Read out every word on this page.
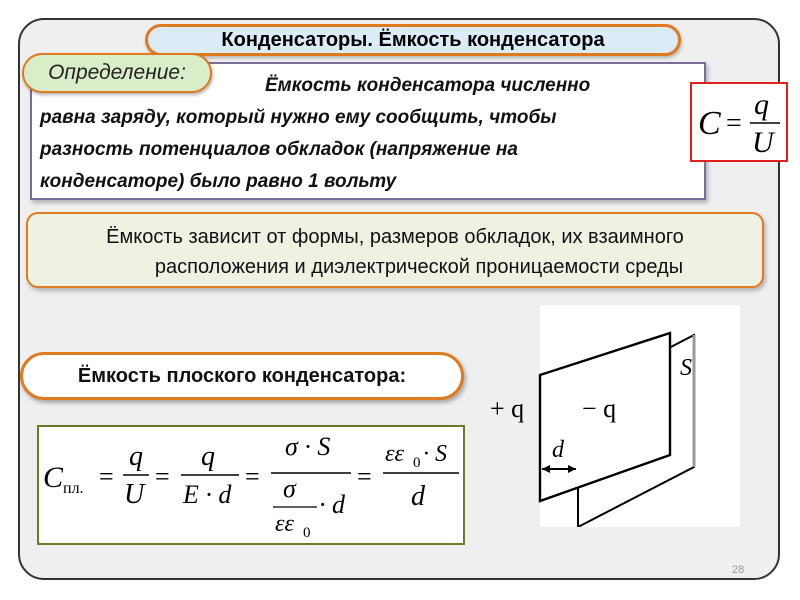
Конденсаторы. Ёмкость конденсатора
Ёмкость конденсатора численно
равна заряду, который нужно ему сообщить, чтобы
разность потенциалов обкладок (напряжение на
конденсаторе) было равно 1 вольту
Определение:
C =
q
U
Ёмкость зависит от формы, размеров обкладок, их взаимного
расположения и диэлектрической проницаемости среды
Ёмкость плоского конденсатора:
C пл. =
q
U
=
q
E · d
=
σ · S
σ
εε 0
· d
=
εε 0 · S
d
+ q − q
S
d
28
